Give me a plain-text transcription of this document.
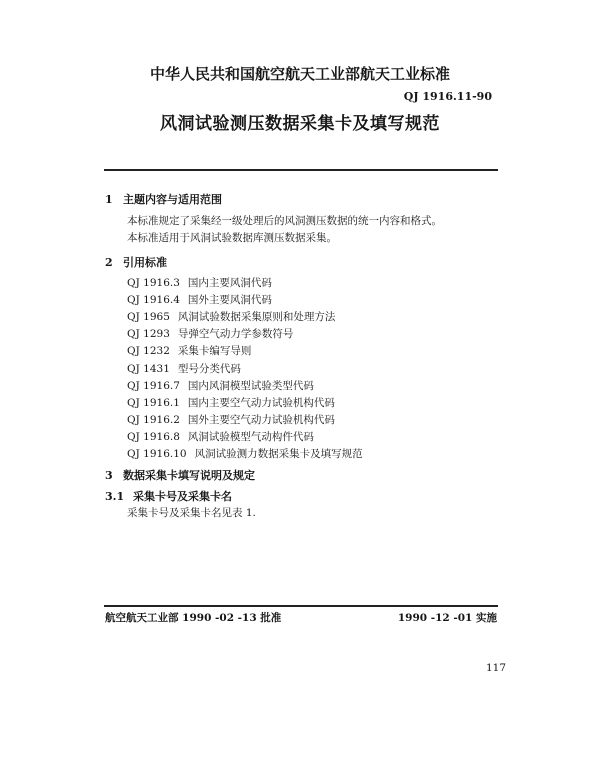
中华人民共和国航空航天工业部航天工业标准
QJ 1916.11-90
风洞试验测压数据采集卡及填写规范
1 主题内容与适用范围
本标准规定了采集经一级处理后的风洞测压数据的统一内容和格式。
本标准适用于风洞试验数据库测压数据采集。
2 引用标准
QJ 1916.3 国内主要风洞代码
QJ 1916.4 国外主要风洞代码
QJ 1965 风洞试验数据采集原则和处理方法
QJ 1293 导弹空气动力学参数符号
QJ 1232 采集卡编写导则
QJ 1431 型号分类代码
QJ 1916.7 国内风洞模型试验类型代码
QJ 1916.1 国内主要空气动力试验机构代码
QJ 1916.2 国外主要空气动力试验机构代码
QJ 1916.8 风洞试验模型气动构件代码
QJ 1916.10 风洞试验测力数据采集卡及填写规范
3 数据采集卡填写说明及规定
3.1 采集卡号及采集卡名
采集卡号及采集卡名见表 1.
航空航天工业部 1990 -02 -13 批准	1990 -12 -01 实施
117
